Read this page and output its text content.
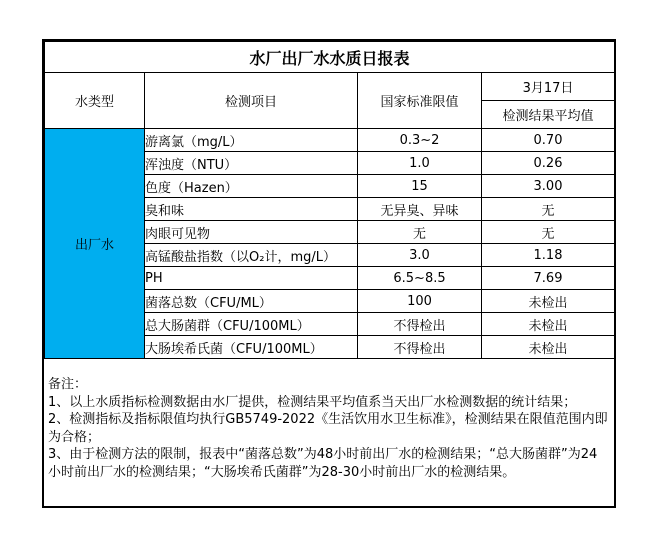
水厂出厂水水质日报表			
水类型	检测项目	国家标准限值	3月17日
			检测结果平均值
出厂水	游离氯（mg/L）	0.3~2	0.70
	浑浊度（NTU）	1.0	0.26
	色度（Hazen）	15	3.00
	臭和味	无异臭、异味	无
	肉眼可见物	无	无
	高锰酸盐指数（以O₂计，mg/L）	3.0	1.18
	PH	6.5~8.5	7.69
	菌落总数（CFU/ML）	100	未检出
	总大肠菌群（CFU/100ML）	不得检出	未检出
	大肠埃希氏菌（CFU/100ML）	不得检出	未检出

备注：

1、以上水质指标检测数据由水厂提供，检测结果平均值系当天出厂水检测数据的统计结果；

2、检测指标及指标限值均执行GB5749-2022《生活饮用水卫生标准》，检测结果在限值范围内即为合格；

3、由于检测方法的限制，报表中“菌落总数”为48小时前出厂水的检测结果；“总大肠菌群”为24小时前出厂水的检测结果；“大肠埃希氏菌群”为28-30小时前出厂水的检测结果。
